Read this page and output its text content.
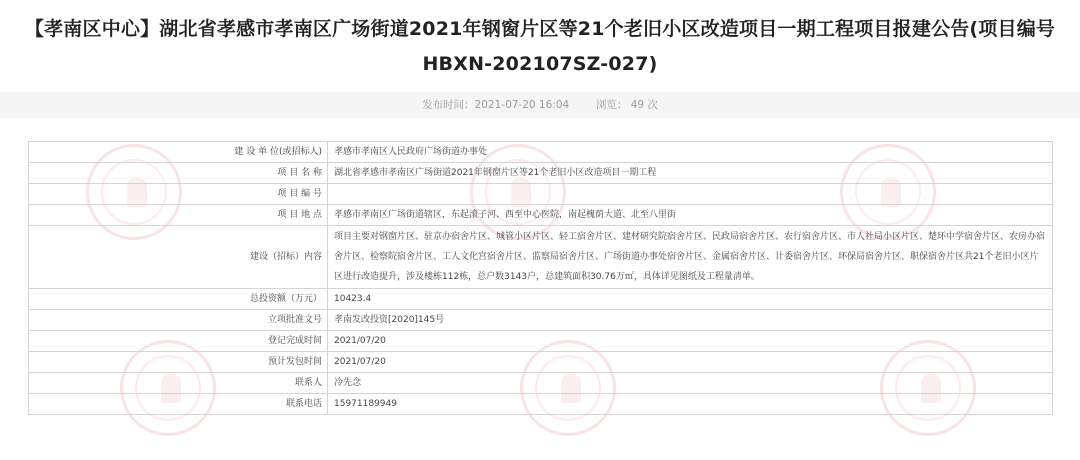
【孝南区中心】湖北省孝感市孝南区广场街道2021年钢窗片区等21个老旧小区改造项目一期工程项目报建公告(项目编号HBXN-202107SZ-027)
发布时间：2021-07-20 16:04	浏览： 49 次
建 设 单 位(或招标人)	孝感市孝南区人民政府广场街道办事处
项 目 名 称	湖北省孝感市孝南区广场街道2021年钢窗片区等21个老旧小区改造项目一期工程
项 目 编 号	
项 目 地 点	孝感市孝南区广场街道辖区，东起滚子河、西至中心医院，南起槐荫大道、北至八里街
建设（招标）内容	项目主要对钢窗片区、驻京办宿舍片区、城管小区片区、轻工宿舍片区、建材研究院宿舍片区、民政局宿舍片区、农行宿舍片区、市人社局小区片区、楚环中学宿舍片区、农房办宿舍片区、检察院宿舍片区、工人文化宫宿舍片区、监察局宿舍片区、广场街道办事处宿舍片区、金属宿舍片区、计委宿舍片区、环保局宿舍片区、职保宿舍片区共21个老旧小区片区进行改造提升，涉及楼栋112栋，总户数3143户，总建筑面积30.76万㎡，具体详见图纸及工程量清单。
总投资额（万元）	10423.4
立项批准文号	孝南发改投资[2020]145号
登记完成时间	2021/07/20
预计发包时间	2021/07/20
联系人	冷先念
联系电话	15971189949
